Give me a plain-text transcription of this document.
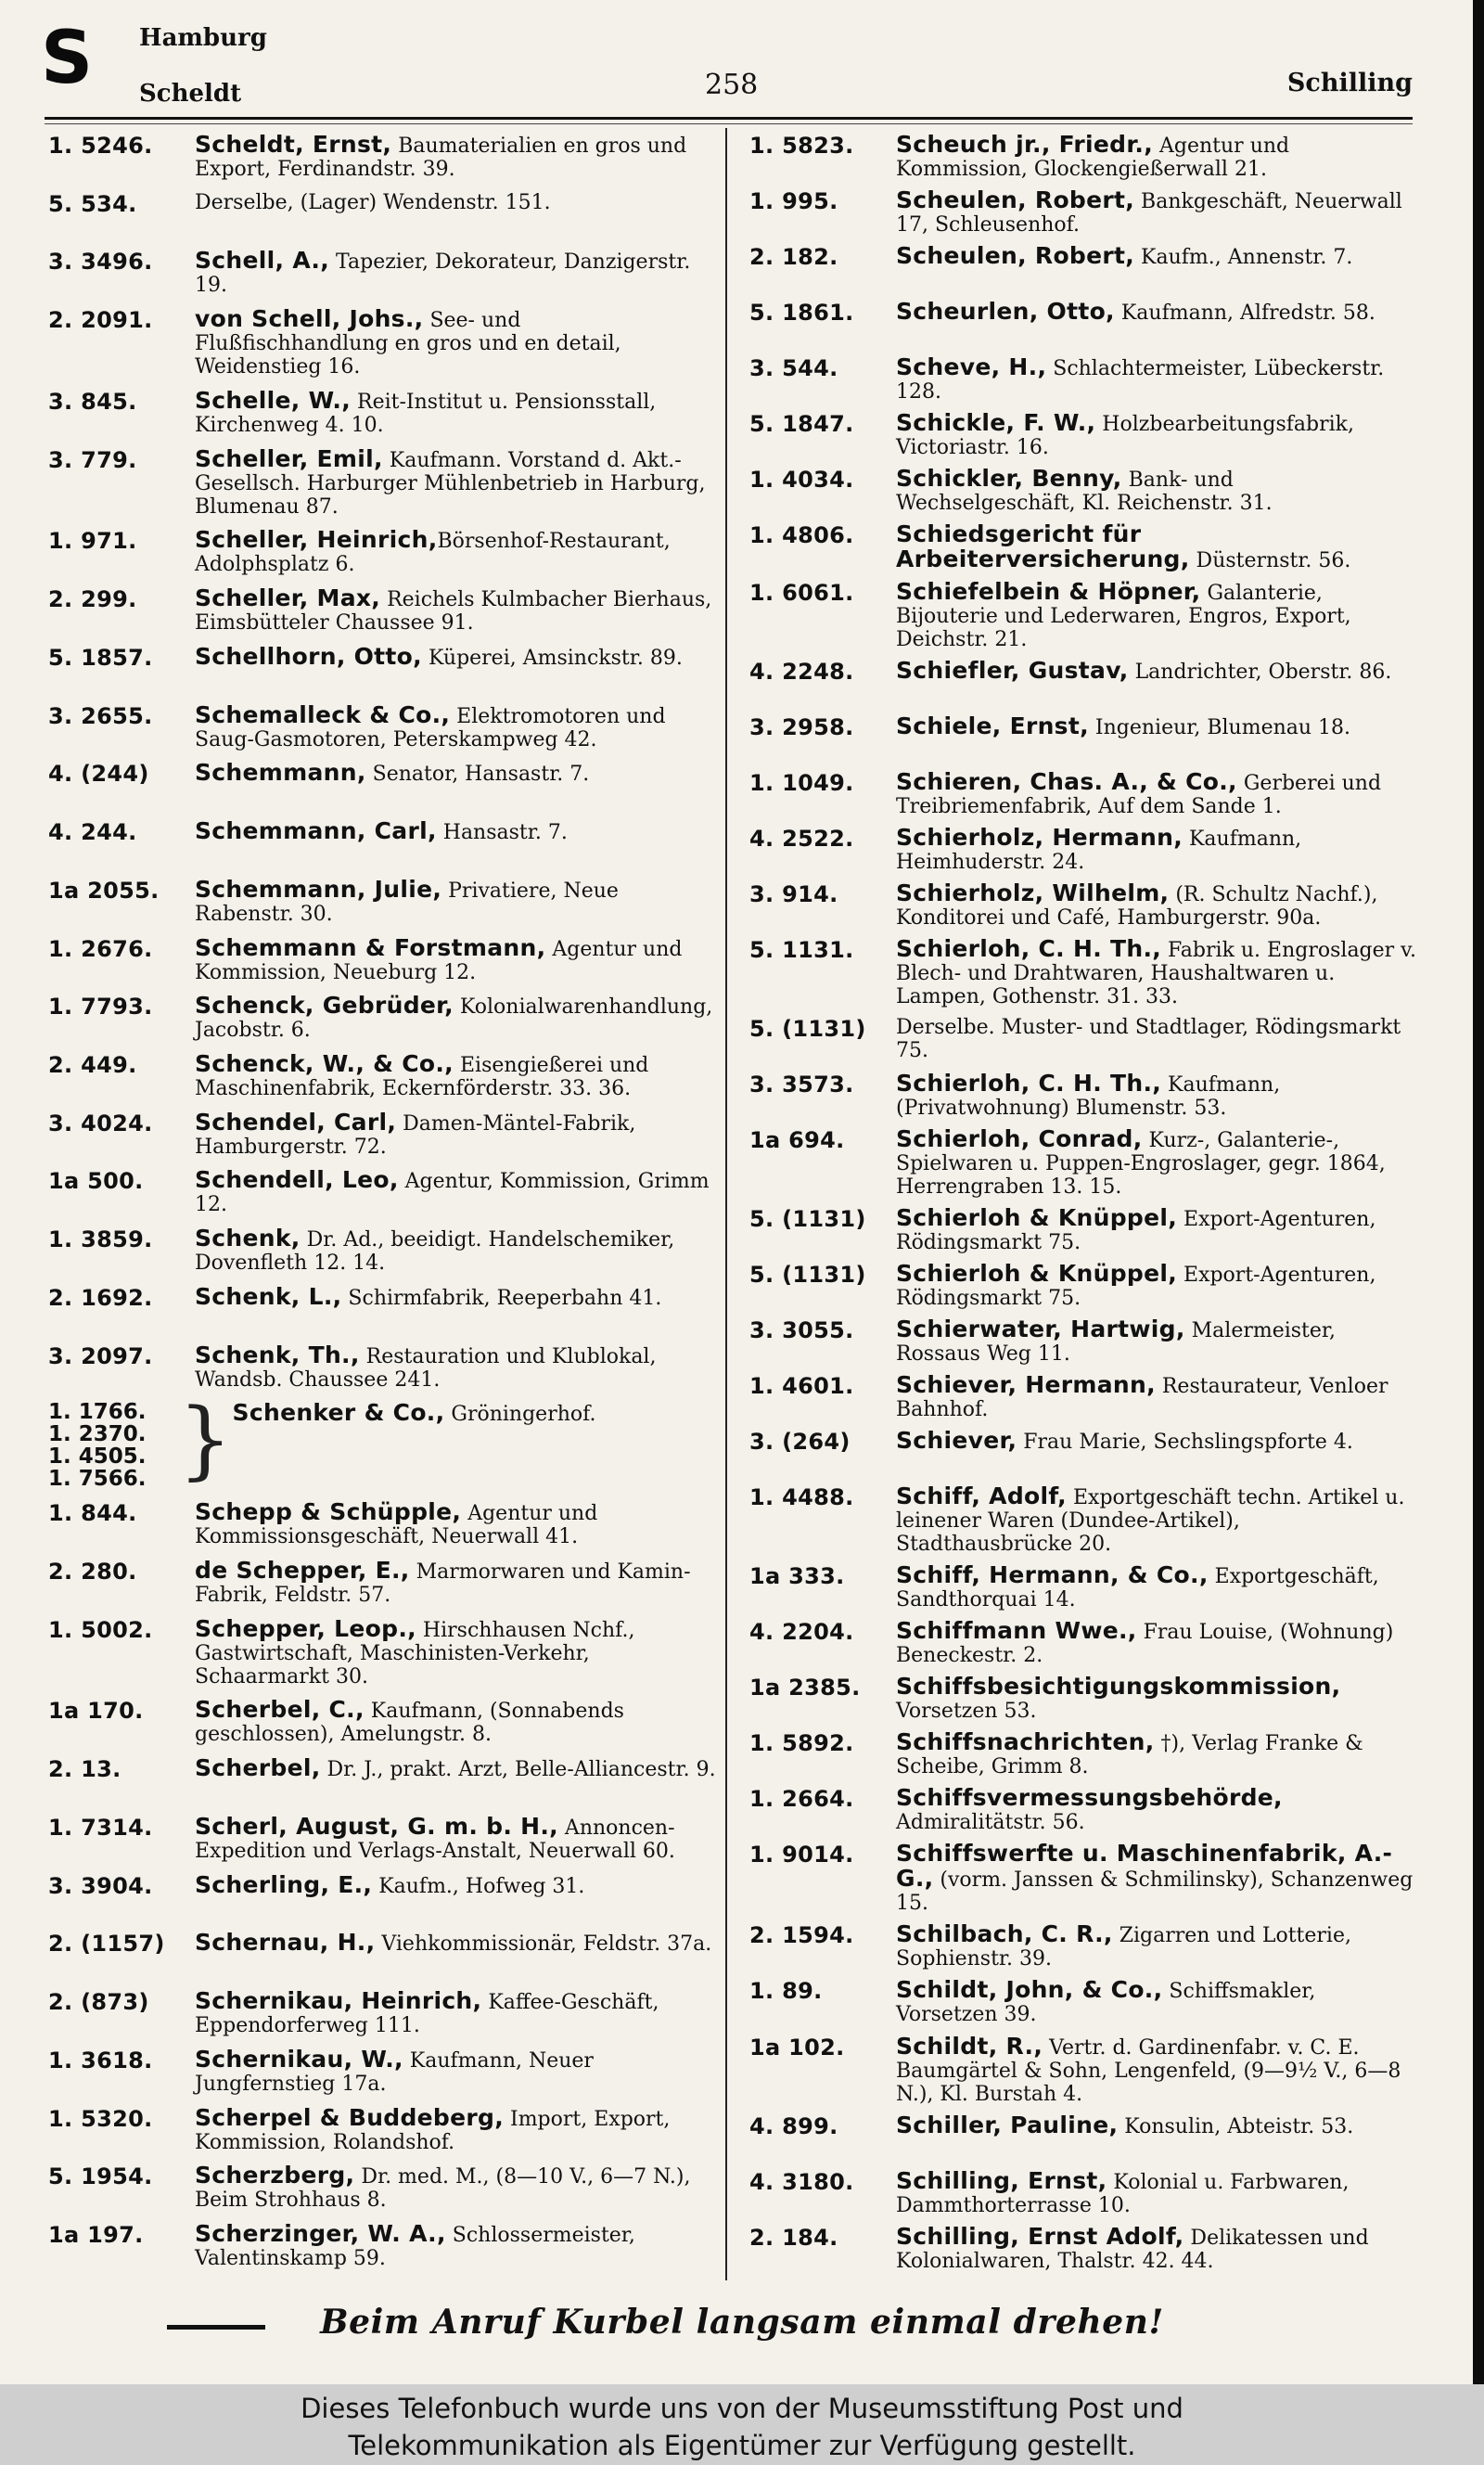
S Hamburg
Scheldt	258	Schilling
1. 5246.	Scheldt, Ernst, Baumaterialien en gros und Export, Ferdinandstr. 39.
5. 534.	Derselbe, (Lager) Wendenstr. 151.
3. 3496.	Schell, A., Tapezier, Dekorateur, Danzigerstr. 19.
2. 2091.	von Schell, Johs., See- und Flußfischhandlung en gros und en detail, Weidenstieg 16.
3. 845.	Schelle, W., Reit-Institut u. Pensionsstall, Kirchenweg 4. 10.
3. 779.	Scheller, Emil, Kaufmann. Vorstand d. Akt.-Gesellsch. Harburger Mühlenbetrieb in Harburg, Blumenau 87.
1. 971.	Scheller, Heinrich,Börsenhof-Restaurant, Adolphsplatz 6.
2. 299.	Scheller, Max, Reichels Kulmbacher Bierhaus, Eimsbütteler Chaussee 91.
5. 1857.	Schellhorn, Otto, Küperei, Amsinckstr. 89.
3. 2655.	Schemalleck & Co., Elektromotoren und Saug-Gasmotoren, Peterskampweg 42.
4. (244)	Schemmann, Senator, Hansastr. 7.
4. 244.	Schemmann, Carl, Hansastr. 7.
1a 2055.	Schemmann, Julie, Privatiere, Neue Rabenstr. 30.
1. 2676.	Schemmann & Forstmann, Agentur und Kommission, Neueburg 12.
1. 7793.	Schenck, Gebrüder, Kolonialwarenhandlung, Jacobstr. 6.
2. 449.	Schenck, W., & Co., Eisengießerei und Maschinenfabrik, Eckernförderstr. 33. 36.
3. 4024.	Schendel, Carl, Damen-Mäntel-Fabrik, Hamburgerstr. 72.
1a 500.	Schendell, Leo, Agentur, Kommission, Grimm 12.
1. 3859.	Schenk, Dr. Ad., beeidigt. Handelschemiker, Dovenfleth 12. 14.
2. 1692.	Schenk, L., Schirmfabrik, Reeperbahn 41.
3. 2097.	Schenk, Th., Restauration und Klublokal, Wandsb. Chaussee 241.
1. 1766.
1. 2370.
1. 4505.
1. 7566. } Schenker & Co., Gröningerhof.
1. 844.	Schepp & Schüpple, Agentur und Kommissionsgeschäft, Neuerwall 41.
2. 280.	de Schepper, E., Marmorwaren und Kamin-Fabrik, Feldstr. 57.
1. 5002.	Schepper, Leop., Hirschhausen Nchf., Gastwirtschaft, Maschinisten-Verkehr, Schaarmarkt 30.
1a 170.	Scherbel, C., Kaufmann, (Sonnabends geschlossen), Amelungstr. 8.
2. 13.	Scherbel, Dr. J., prakt. Arzt, Belle-Alliancestr. 9.
1. 7314.	Scherl, August, G. m. b. H., Annoncen-Expedition und Verlags-Anstalt, Neuerwall 60.
3. 3904.	Scherling, E., Kaufm., Hofweg 31.
2. (1157)	Schernau, H., Viehkommissionär, Feldstr. 37a.
2. (873)	Schernikau, Heinrich, Kaffee-Geschäft, Eppendorferweg 111.
1. 3618.	Schernikau, W., Kaufmann, Neuer Jungfernstieg 17a.
1. 5320.	Scherpel & Buddeberg, Import, Export, Kommission, Rolandshof.
5. 1954.	Scherzberg, Dr. med. M., (8—10 V., 6—7 N.), Beim Strohhaus 8.
1a 197.	Scherzinger, W. A., Schlossermeister, Valentinskamp 59.
1. 5823.	Scheuch jr., Friedr., Agentur und Kommission, Glockengießerwall 21.
1. 995.	Scheulen, Robert, Bankgeschäft, Neuerwall 17, Schleusenhof.
2. 182.	Scheulen, Robert, Kaufm., Annenstr. 7.
5. 1861.	Scheurlen, Otto, Kaufmann, Alfredstr. 58.
3. 544.	Scheve, H., Schlachtermeister, Lübeckerstr. 128.
5. 1847.	Schickle, F. W., Holzbearbeitungsfabrik, Victoriastr. 16.
1. 4034.	Schickler, Benny, Bank- und Wechselgeschäft, Kl. Reichenstr. 31.
1. 4806.	Schiedsgericht für Arbeiterversicherung, Düsternstr. 56.
1. 6061.	Schiefelbein & Höpner, Galanterie, Bijouterie und Lederwaren, Engros, Export, Deichstr. 21.
4. 2248.	Schiefler, Gustav, Landrichter, Oberstr. 86.
3. 2958.	Schiele, Ernst, Ingenieur, Blumenau 18.
1. 1049.	Schieren, Chas. A., & Co., Gerberei und Treibriemenfabrik, Auf dem Sande 1.
4. 2522.	Schierholz, Hermann, Kaufmann, Heimhuderstr. 24.
3. 914.	Schierholz, Wilhelm, (R. Schultz Nachf.), Konditorei und Café, Hamburgerstr. 90a.
5. 1131.	Schierloh, C. H. Th., Fabrik u. Engroslager v. Blech- und Drahtwaren, Haushaltwaren u. Lampen, Gothenstr. 31. 33.
5. (1131)	Derselbe. Muster- und Stadtlager, Rödingsmarkt 75.
3. 3573.	Schierloh, C. H. Th., Kaufmann, (Privatwohnung) Blumenstr. 53.
1a 694.	Schierloh, Conrad, Kurz-, Galanterie-, Spielwaren u. Puppen-Engroslager, gegr. 1864, Herrengraben 13. 15.
5. (1131)	Schierloh & Knüppel, Export-Agenturen, Rödingsmarkt 75.
5. (1131)	Schierloh & Knüppel, Export-Agenturen, Rödingsmarkt 75.
3. 3055.	Schierwater, Hartwig, Malermeister, Rossaus Weg 11.
1. 4601.	Schiever, Hermann, Restaurateur, Venloer Bahnhof.
3. (264)	Schiever, Frau Marie, Sechslingspforte 4.
1. 4488.	Schiff, Adolf, Exportgeschäft techn. Artikel u. leinener Waren (Dundee-Artikel), Stadthausbrücke 20.
1a 333.	Schiff, Hermann, & Co., Exportgeschäft, Sandthorquai 14.
4. 2204.	Schiffmann Wwe., Frau Louise, (Wohnung) Beneckestr. 2.
1a 2385.	Schiffsbesichtigungskommission, Vorsetzen 53.
1. 5892.	Schiffsnachrichten, †), Verlag Franke & Scheibe, Grimm 8.
1. 2664.	Schiffsvermessungsbehörde, Admiralitätstr. 56.
1. 9014.	Schiffswerfte u. Maschinenfabrik, A.-G., (vorm. Janssen & Schmilinsky), Schanzenweg 15.
2. 1594.	Schilbach, C. R., Zigarren und Lotterie, Sophienstr. 39.
1. 89.	Schildt, John, & Co., Schiffsmakler, Vorsetzen 39.
1a 102.	Schildt, R., Vertr. d. Gardinenfabr. v. C. E. Baumgärtel & Sohn, Lengenfeld, (9—9½ V., 6—8 N.), Kl. Burstah 4.
4. 899.	Schiller, Pauline, Konsulin, Abteistr. 53.
4. 3180.	Schilling, Ernst, Kolonial u. Farbwaren, Dammthorterrasse 10.
2. 184.	Schilling, Ernst Adolf, Delikatessen und Kolonialwaren, Thalstr. 42. 44.
Beim Anruf Kurbel langsam einmal drehen!
Dieses Telefonbuch wurde uns von der Museumsstiftung Post und
Telekommunikation als Eigentümer zur Verfügung gestellt.
